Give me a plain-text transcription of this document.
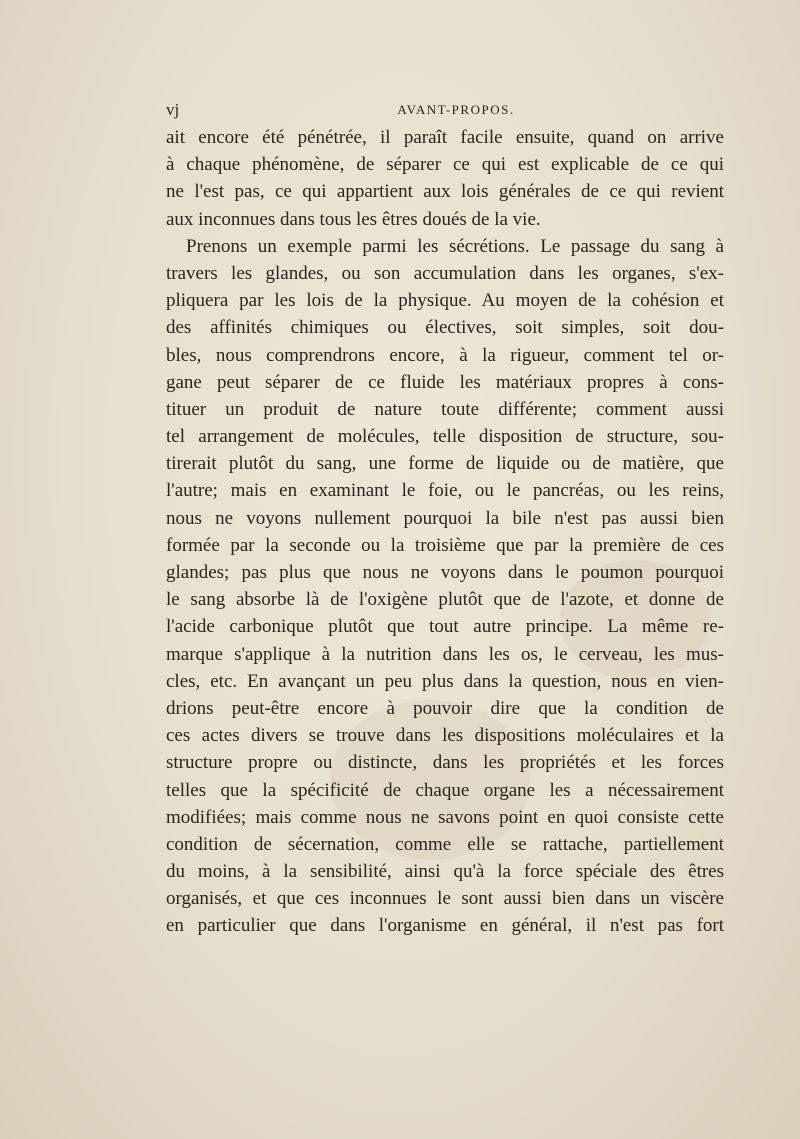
vj	AVANT-PROPOS.
ait encore été pénétrée, il paraît facile ensuite, quand on arrive
à chaque phénomène, de séparer ce qui est explicable de ce qui
ne l'est pas, ce qui appartient aux lois générales de ce qui revient
aux inconnues dans tous les êtres doués de la vie.
Prenons un exemple parmi les sécrétions. Le passage du sang à
travers les glandes, ou son accumulation dans les organes, s'ex-
pliquera par les lois de la physique. Au moyen de la cohésion et
des affinités chimiques ou électives, soit simples, soit dou-
bles, nous comprendrons encore, à la rigueur, comment tel or-
gane peut séparer de ce fluide les matériaux propres à cons-
tituer un produit de nature toute différente; comment aussi
tel arrangement de molécules, telle disposition de structure, sou-
tirerait plutôt du sang, une forme de liquide ou de matière, que
l'autre; mais en examinant le foie, ou le pancréas, ou les reins,
nous ne voyons nullement pourquoi la bile n'est pas aussi bien
formée par la seconde ou la troisième que par la première de ces
glandes; pas plus que nous ne voyons dans le poumon pourquoi
le sang absorbe là de l'oxigène plutôt que de l'azote, et donne de
l'acide carbonique plutôt que tout autre principe. La même re-
marque s'applique à la nutrition dans les os, le cerveau, les mus-
cles, etc. En avançant un peu plus dans la question, nous en vien-
drions peut-être encore à pouvoir dire que la condition de
ces actes divers se trouve dans les dispositions moléculaires et la
structure propre ou distincte, dans les propriétés et les forces
telles que la spécificité de chaque organe les a nécessairement
modifiées; mais comme nous ne savons point en quoi consiste cette
condition de sécernation, comme elle se rattache, partiellement
du moins, à la sensibilité, ainsi qu'à la force spéciale des êtres
organisés, et que ces inconnues le sont aussi bien dans un viscère
en particulier que dans l'organisme en général, il n'est pas fort
